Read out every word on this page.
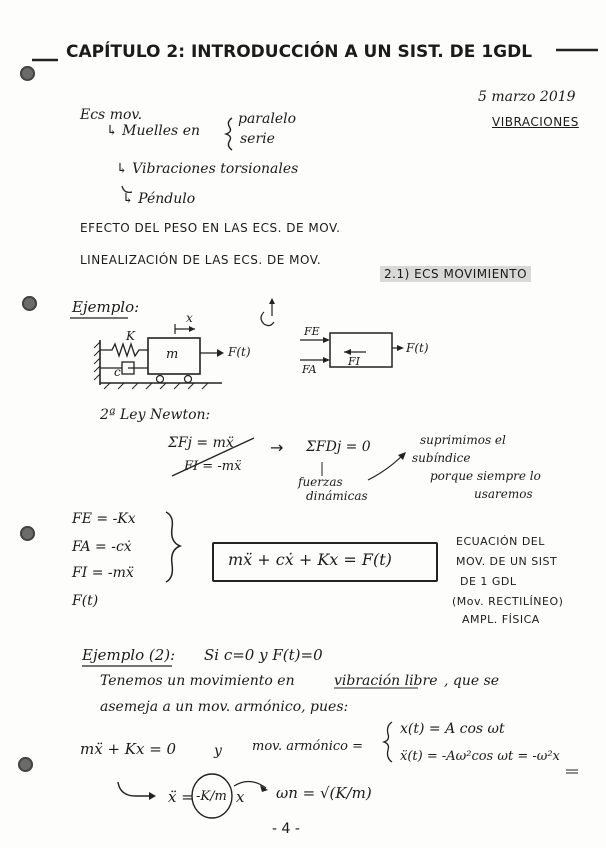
CAPÍTULO 2: INTRODUCCIÓN A UN SIST. DE 1GDL
5 marzo 2019
VIBRACIONES
Ecs mov.
↳ Muelles en
paralelo
serie
↳ Vibraciones torsionales
↳ Péndulo
EFECTO DEL PESO EN LAS ECS. DE MOV.
LINEALIZACIÓN DE LAS ECS. DE MOV.
2.1) ECS MOVIMIENTO
Ejemplo:
K
c
x
m	F(t)
FE
FA
FI
F(t)
2ª Ley Newton:
ΣFj = mẍ
FI = -mẍ
→ ΣFDj = 0
fuerzas
dinámicas
suprimimos el
subíndice
porque siempre lo
usaremos
FE = -Kx
FA = -cẋ
FI = -mẍ
F(t)
mẍ + cẋ + Kx = F(t)
ECUACIÓN DEL
MOV. DE UN SIST
DE 1 GDL
(Mov. RECTILÍNEO)
AMPL. FÍSICA
Ejemplo (2): Si c=0 y F(t)=0
Tenemos un movimiento en	vibración libre , que se
asemeja a un mov. armónico, pues:
mẍ + Kx = 0	y mov. armónico =
x(t) = A cos ωt
ẍ(t) = -Aω²cos ωt = -ω²x
ẍ = -K/m x ωn = √(K/m)
- 4 -
